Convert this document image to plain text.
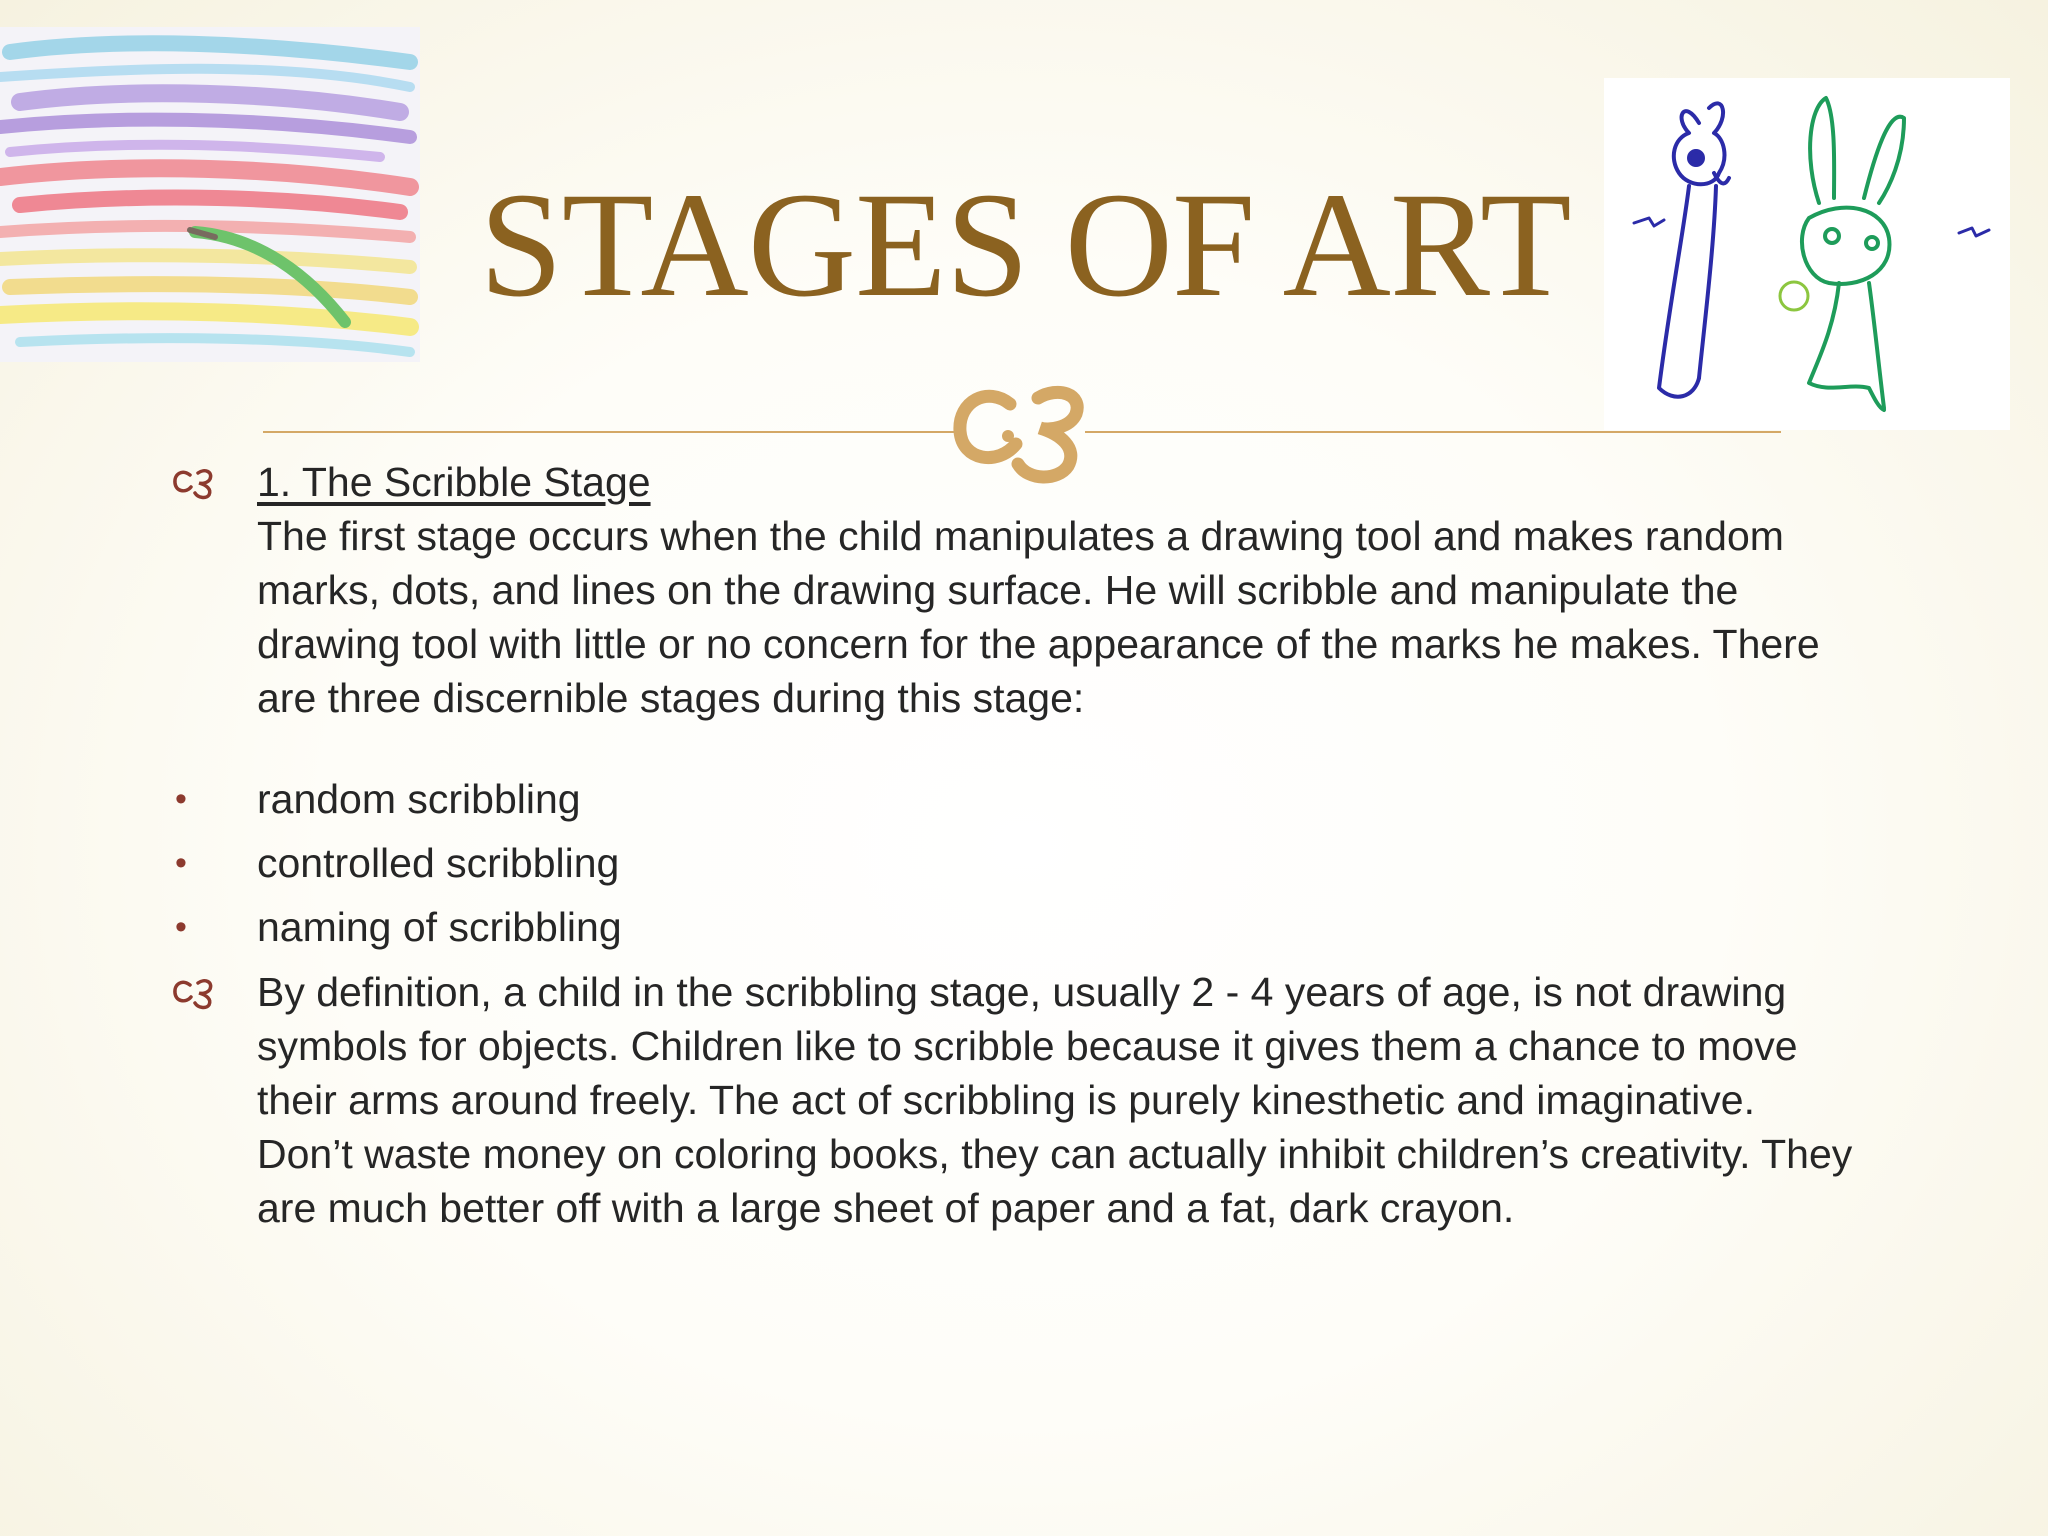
STAGES OF ART
1. The Scribble Stage
The first stage occurs when the child manipulates a drawing tool and makes random marks, dots, and lines on the drawing surface. He will scribble and manipulate the drawing tool with little or no concern for the appearance of the marks he makes. There are three discernible stages during this stage:
• random scribbling
• controlled scribbling
• naming of scribbling
By definition, a child in the scribbling stage, usually 2 - 4 years of age, is not drawing symbols for objects. Children like to scribble because it gives them a chance to move their arms around freely. The act of scribbling is purely kinesthetic and imaginative. Don’t waste money on coloring books, they can actually inhibit children’s creativity. They are much better off with a large sheet of paper and a fat, dark crayon.
